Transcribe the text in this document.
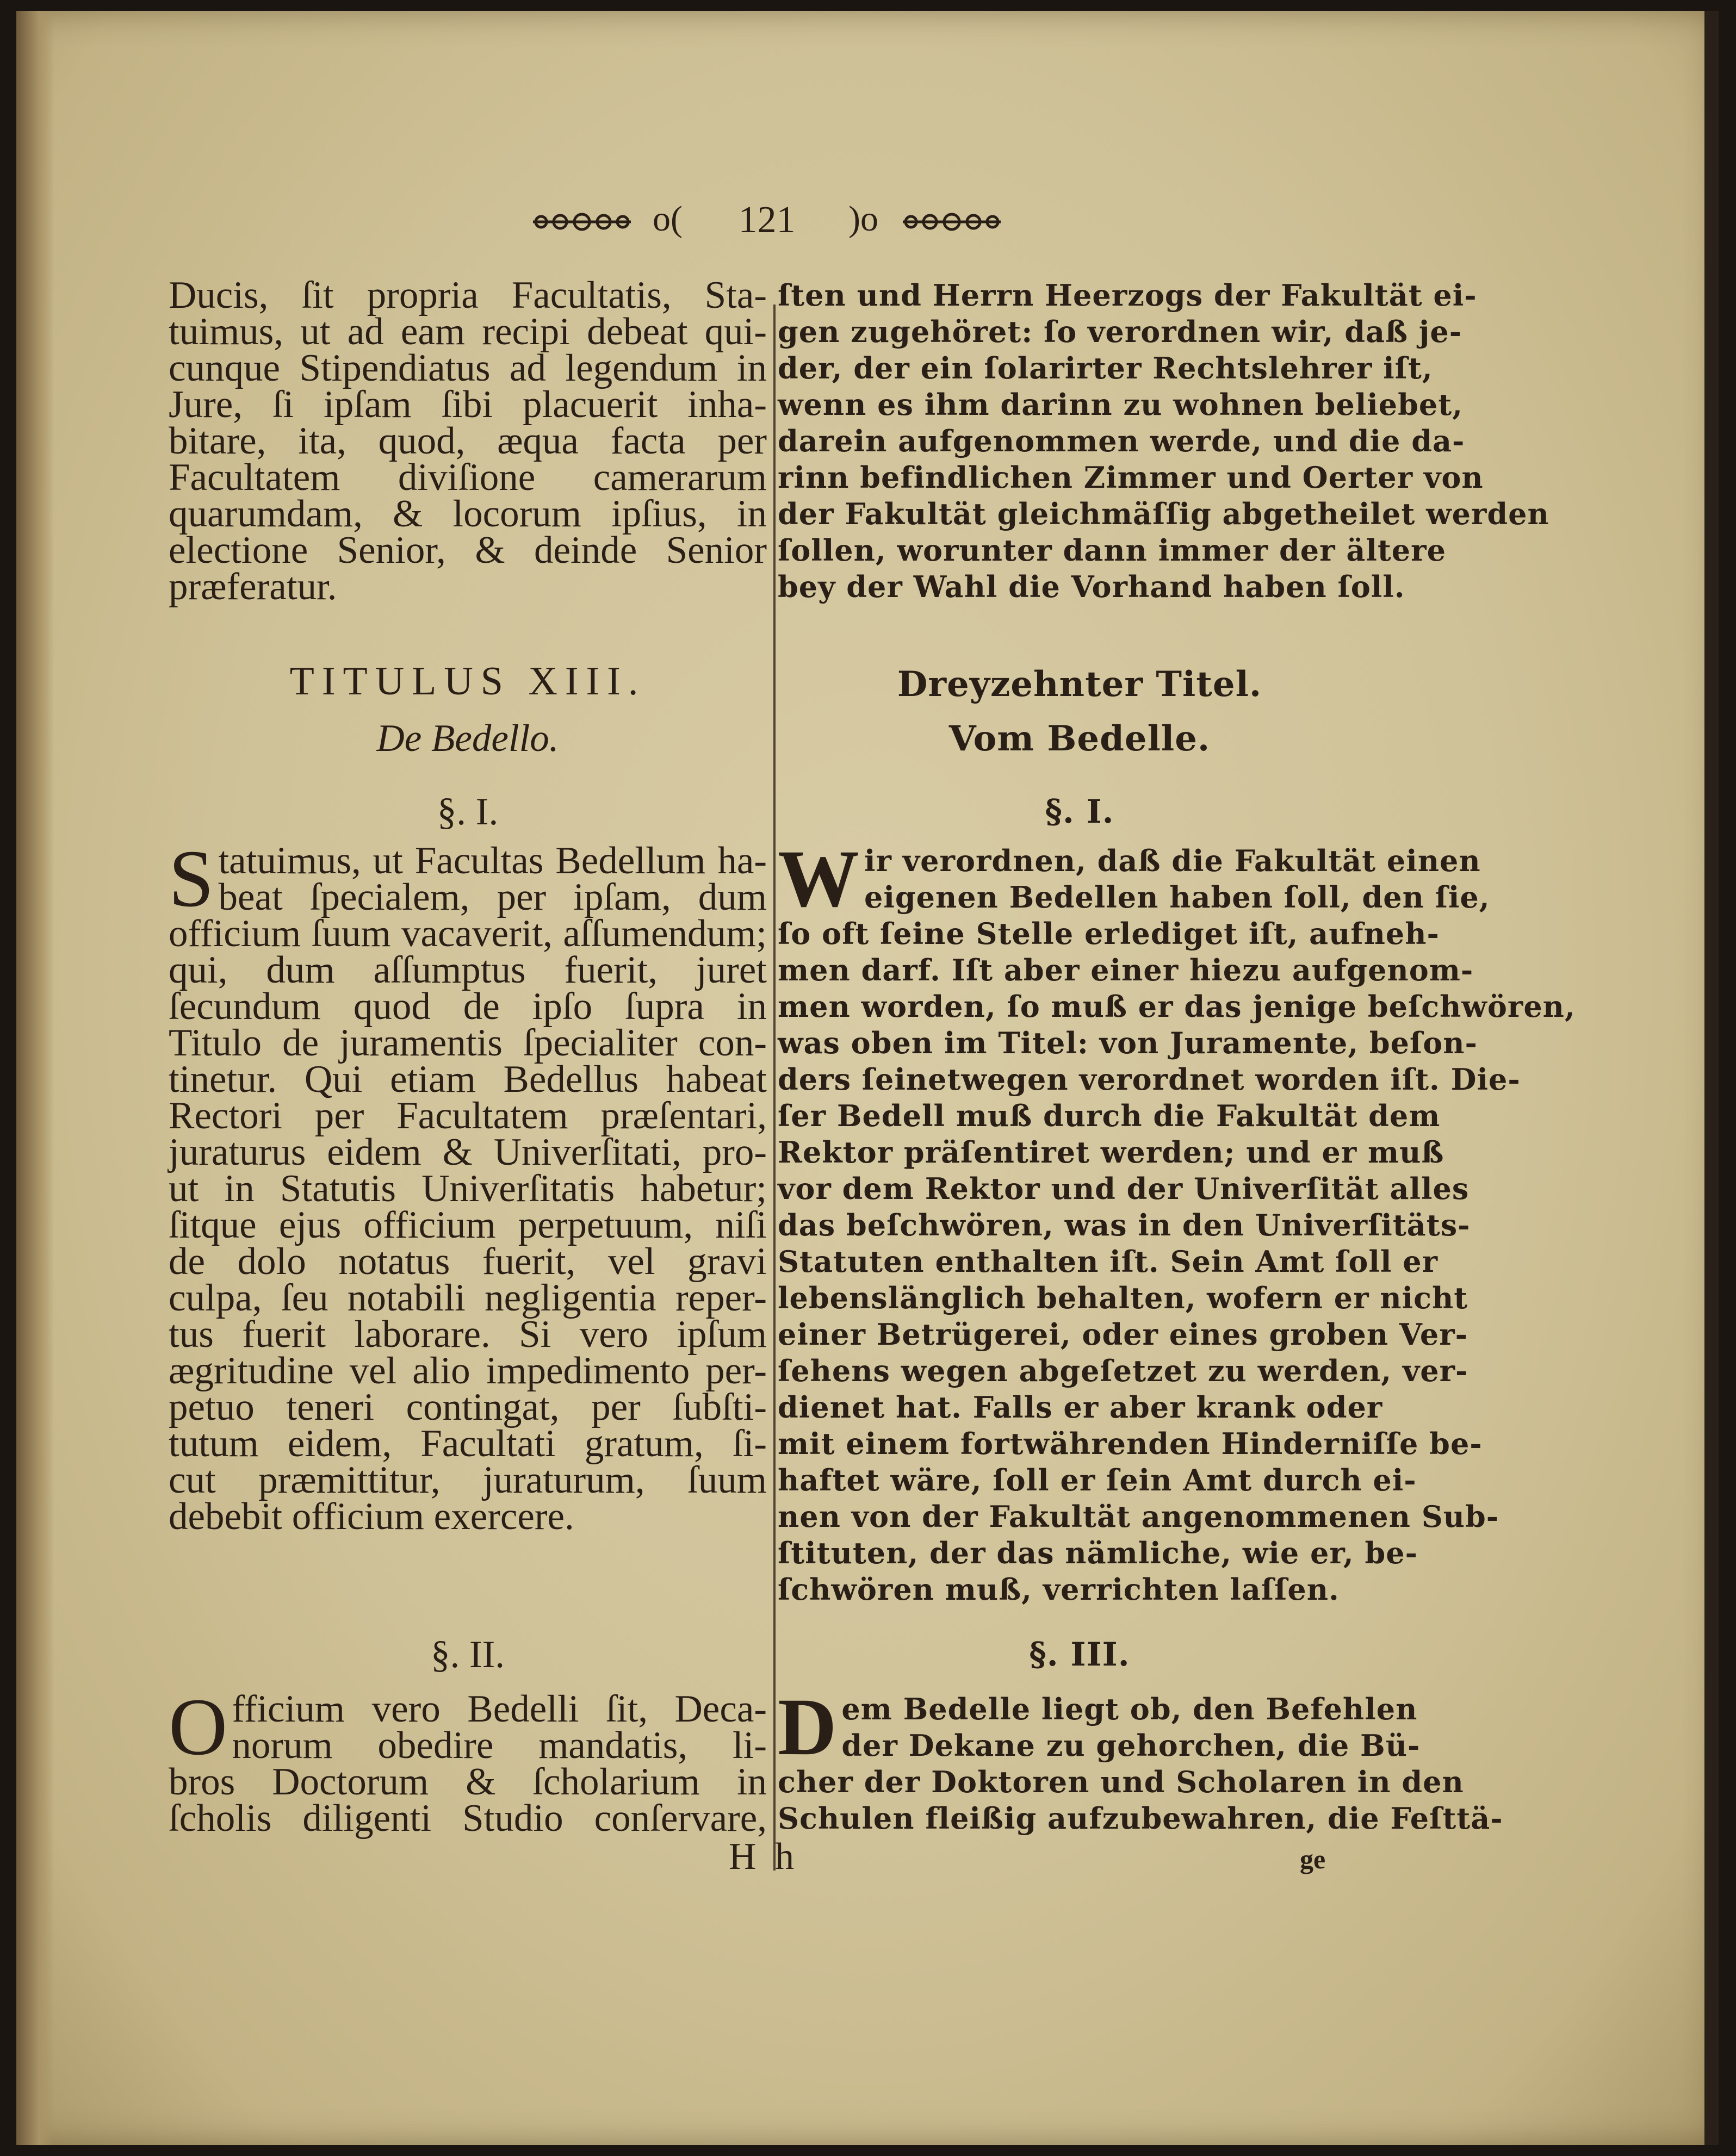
o(	121	)o
Ducis, ſit propria Facultatis, Sta-
tuimus, ut ad eam recipi debeat qui-
cunque Stipendiatus ad legendum in
Jure, ſi ipſam ſibi placuerit inha-
bitare, ita, quod, æqua facta per
Facultatem diviſione camerarum
quarumdam, & locorum ipſius, in
electione Senior, & deinde Senior
præferatur.
TITULUS XIII.
De Bedello.
§. I.
S tatuimus, ut Facultas Bedellum ha-
beat ſpecialem, per ipſam, dum
officium ſuum vacaverit, aſſumendum;
qui, dum aſſumptus fuerit, juret
ſecundum quod de ipſo ſupra in
Titulo de juramentis ſpecialiter con-
tinetur. Qui etiam Bedellus habeat
Rectori per Facultatem præſentari,
juraturus eidem & Univerſitati, pro-
ut in Statutis Univerſitatis habetur;
ſitque ejus officium perpetuum, niſi
de dolo notatus fuerit, vel gravi
culpa, ſeu notabili negligentia reper-
tus fuerit laborare. Si vero ipſum
ægritudine vel alio impedimento per-
petuo teneri contingat, per ſubſti-
tutum eidem, Facultati gratum, ſi-
cut præmittitur, juraturum, ſuum
debebit officium exercere.
§. II.
O fficium vero Bedelli ſit, Deca-
norum obedire mandatis, li-
bros Doctorum & ſcholarium in
ſcholis diligenti Studio conſervare,
H
ſten und Herrn Heerzogs der Fakultät ei-
gen zugehöret: ſo verordnen wir, daß je-
der, der ein ſolarirter Rechtslehrer iſt,
wenn es ihm darinn zu wohnen beliebet,
darein aufgenommen werde, und die da-
rinn befindlichen Zimmer und Oerter von
der Fakultät gleichmäſſig abgetheilet werden
ſollen, worunter dann immer der ältere
bey der Wahl die Vorhand haben ſoll.
Dreyzehnter Titel.
Vom Bedelle.
§. I.
W ir verordnen, daß die Fakultät einen
eigenen Bedellen haben ſoll, den ſie,
ſo oft ſeine Stelle erlediget iſt, aufneh-
men darf. Iſt aber einer hiezu aufgenom-
men worden, ſo muß er das jenige beſchwören,
was oben im Titel: von Juramente, beſon-
ders ſeinetwegen verordnet worden iſt. Die-
ſer Bedell muß durch die Fakultät dem
Rektor präſentiret werden; und er muß
vor dem Rektor und der Univerſität alles
das beſchwören, was in den Univerſitäts-
Statuten enthalten iſt. Sein Amt ſoll er
lebenslänglich behalten, wofern er nicht
einer Betrügerei, oder eines groben Ver-
ſehens wegen abgeſetzet zu werden, ver-
dienet hat. Falls er aber krank oder
mit einem fortwährenden Hinderniſſe be-
haftet wäre, ſoll er ſein Amt durch ei-
nen von der Fakultät angenommenen Sub-
ſtituten, der das nämliche, wie er, be-
ſchwören muß, verrichten laſſen.
§. III.
D em Bedelle liegt ob, den Befehlen
der Dekane zu gehorchen, die Bü-
cher der Doktoren und Scholaren in den
Schulen fleißig aufzubewahren, die Feſttä-
h	ge
